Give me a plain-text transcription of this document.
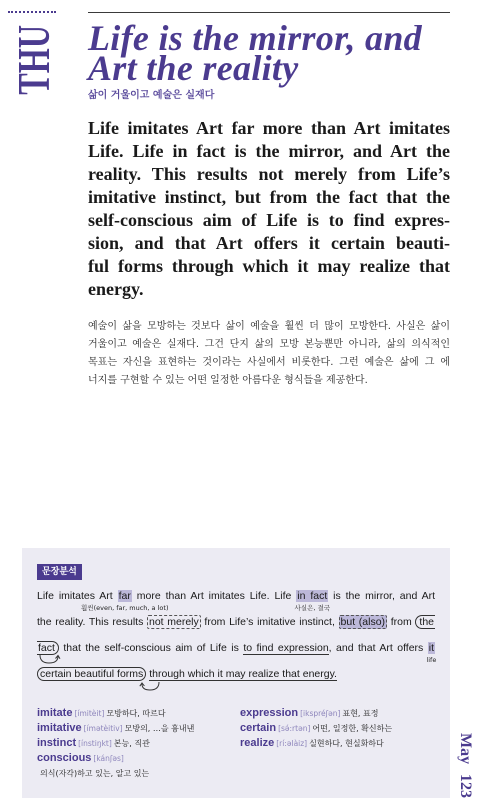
THU Life is the mirror, and
Art the reality
삶이 거울이고 예술은 실재다
Life imitates Art far more than Art imitates
Life. Life in fact is the mirror, and Art the
reality. This results not merely from Life’s
imitative instinct, but from the fact that the
self-conscious aim of Life is to find expres-
sion, and that Art offers it certain beauti-
ful forms through which it may realize that
energy.
예술이 삶을 모방하는 것보다 삶이 예술을 훨씬 더 많이 모방한다. 사실은 삶이
거울이고 예술은 실재다. 그건 단지 삶의 모방 본능뿐만 아니라, 삶의 의식적인
목표는 자신을 표현하는 것이라는 사실에서 비롯한다. 그런 예술은 삶에 그 에
너지를 구현할 수 있는 어떤 일정한 아름다운 형식들을 제공한다.
문장분석
Life imitates Art far
훨씬(even, far, much, a lot)
more than Art imitates Life. Life in fact
사실은, 결국
is the mirror, and Art
the reality. This results not merely from Life’s imitative instinct, but (also) from the
fact that the self-conscious aim of Life is to find expression, and that Art offers it
life
certain beautiful forms through which it may realize that energy.
imitate [ímitèit] 모방하다, 따르다
imitative [ímətèitiv] 모방의, …을 흉내낸
instinct [ínstiŋkt] 본능, 직관
conscious [kánʃəs]
의식(자각)하고 있는, 알고 있는
expression [ikspréʃən] 표현, 표정
certain [sə́:rtən] 어떤, 일정한, 확신하는
realize [rí:əlàiz] 실현하다, 현실화하다	May 123
